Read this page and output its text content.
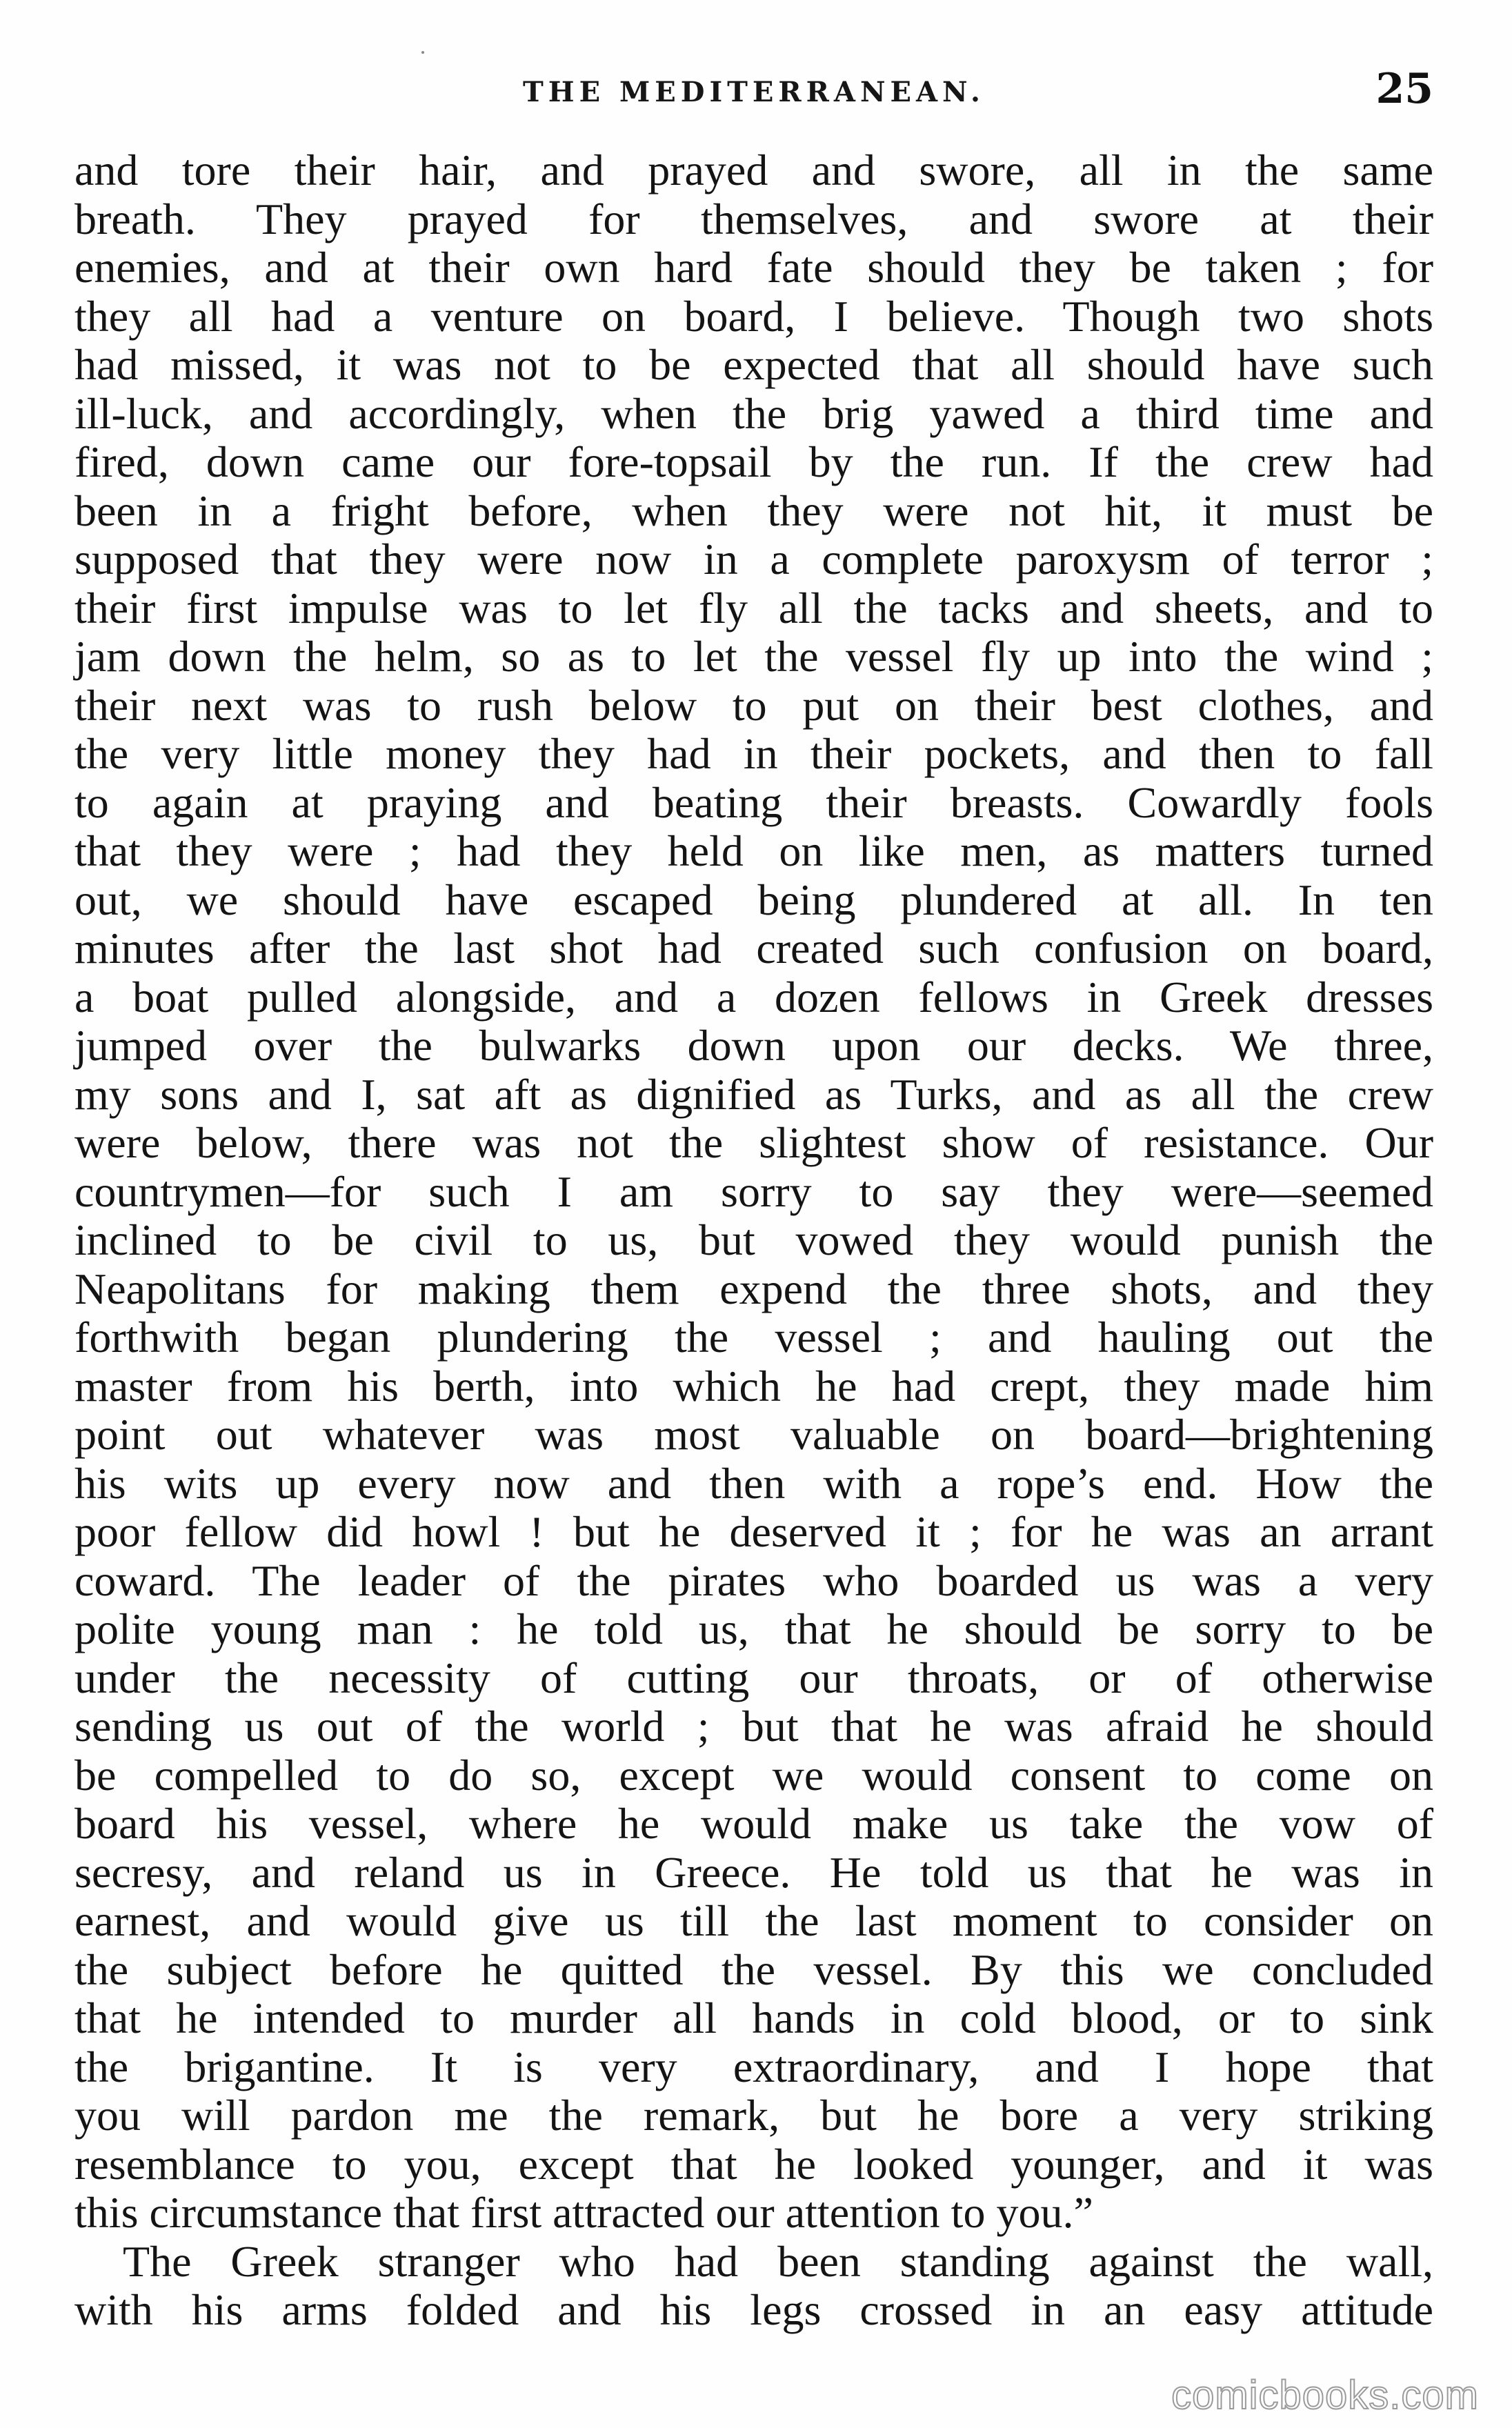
THE MEDITERRANEAN.	25
and tore their hair, and prayed and swore, all in the same
breath. They prayed for themselves, and swore at their
enemies, and at their own hard fate should they be taken ; for
they all had a venture on board, I believe. Though two shots
had missed, it was not to be expected that all should have such
ill-luck, and accordingly, when the brig yawed a third time and
fired, down came our fore-topsail by the run. If the crew had
been in a fright before, when they were not hit, it must be
supposed that they were now in a complete paroxysm of terror ;
their first impulse was to let fly all the tacks and sheets, and to
jam down the helm, so as to let the vessel fly up into the wind ;
their next was to rush below to put on their best clothes, and
the very little money they had in their pockets, and then to fall
to again at praying and beating their breasts. Cowardly fools
that they were ; had they held on like men, as matters turned
out, we should have escaped being plundered at all. In ten
minutes after the last shot had created such confusion on board,
a boat pulled alongside, and a dozen fellows in Greek dresses
jumped over the bulwarks down upon our decks. We three,
my sons and I, sat aft as dignified as Turks, and as all the crew
were below, there was not the slightest show of resistance. Our
countrymen—for such I am sorry to say they were—seemed
inclined to be civil to us, but vowed they would punish the
Neapolitans for making them expend the three shots, and they
forthwith began plundering the vessel ; and hauling out the
master from his berth, into which he had crept, they made him
point out whatever was most valuable on board—brightening
his wits up every now and then with a rope’s end. How the
poor fellow did howl ! but he deserved it ; for he was an arrant
coward. The leader of the pirates who boarded us was a very
polite young man : he told us, that he should be sorry to be
under the necessity of cutting our throats, or of otherwise
sending us out of the world ; but that he was afraid he should
be compelled to do so, except we would consent to come on
board his vessel, where he would make us take the vow of
secresy, and reland us in Greece. He told us that he was in
earnest, and would give us till the last moment to consider on
the subject before he quitted the vessel. By this we concluded
that he intended to murder all hands in cold blood, or to sink
the brigantine. It is very extraordinary, and I hope that
you will pardon me the remark, but he bore a very striking
resemblance to you, except that he looked younger, and it was
this circumstance that first attracted our attention to you.”
The Greek stranger who had been standing against the wall,
with his arms folded and his legs crossed in an easy attitude
comicbooks.com
